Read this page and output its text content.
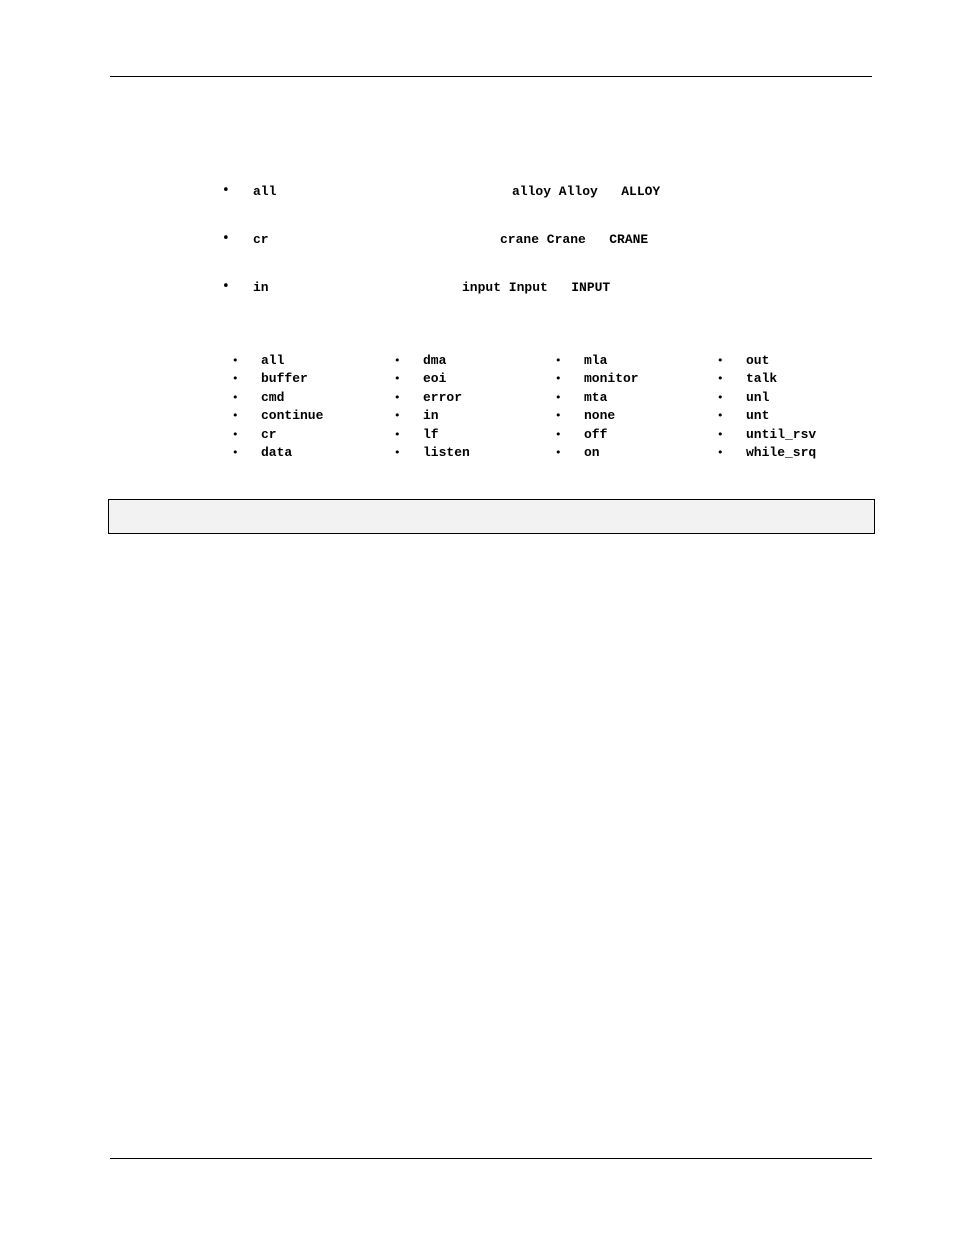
• all	alloy Alloy   ALLOY
• cr	crane Crane   CRANE
• in	input Input   INPUT
• all
• buffer
• cmd
• continue
• cr
• data
• dma
• eoi
• error
• in
• lf
• listen
• mla
• monitor
• mta
• none
• off
• on
• out
• talk
• unl
• unt
• until_rsv
• while_srq
